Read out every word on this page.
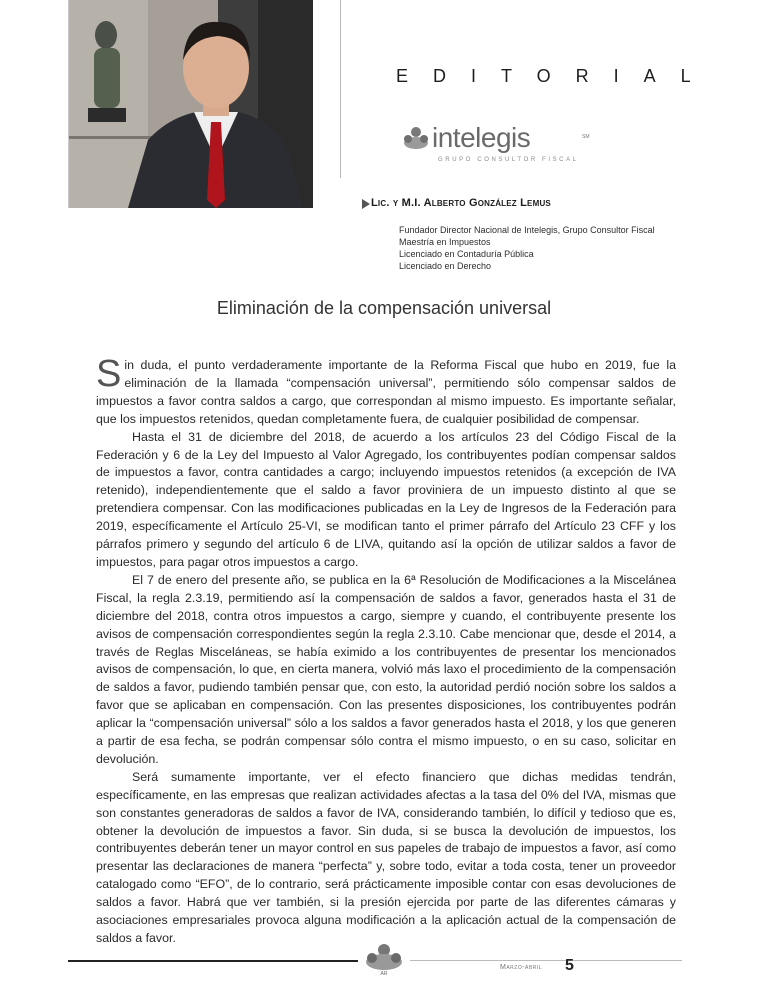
EDITORIAL
intelegis	SM
GRUPO CONSULTOR FISCAL
Lic. y M.I. Alberto González Lemus
Fundador Director Nacional de Intelegis, Grupo Consultor Fiscal
Maestría en Impuestos
Licenciado en Contaduría Pública
Licenciado en Derecho
Eliminación de la compensación universal

Sin duda, el punto verdaderamente importante de la Reforma Fiscal que hubo en 2019, fue la eliminación de la llamada “compensación universal”, permitiendo sólo compensar saldos de impuestos a favor contra saldos a cargo, que correspondan al mismo impuesto. Es importante señalar, que los impuestos retenidos, quedan completamente fuera, de cualquier posibilidad de compensar.

Hasta el 31 de diciembre del 2018, de acuerdo a los artículos 23 del Código Fiscal de la Federación y 6 de la Ley del Impuesto al Valor Agregado, los contribuyentes podían compensar saldos de impuestos a favor, contra cantidades a cargo; incluyendo impuestos retenidos (a excepción de IVA retenido), independientemente que el saldo a favor proviniera de un impuesto distinto al que se pretendiera compensar. Con las modificaciones publicadas en la Ley de Ingresos de la Federación para 2019, específicamente el Artículo 25-VI, se modifican tanto el primer párrafo del Artículo 23 CFF y los párrafos primero y segundo del artículo 6 de LIVA, quitando así la opción de utilizar saldos a favor de impuestos, para pagar otros impuestos a cargo.

El 7 de enero del presente año, se publica en la 6ª Resolución de Modificaciones a la Miscelánea Fiscal, la regla 2.3.19, permitiendo así la compensación de saldos a favor, generados hasta el 31 de diciembre del 2018, contra otros impuestos a cargo, siempre y cuando, el contribuyente presente los avisos de compensación correspondientes según la regla 2.3.10. Cabe mencionar que, desde el 2014, a través de Reglas Misceláneas, se había eximido a los contribuyentes de presentar los mencionados avisos de compensación, lo que, en cierta manera, volvió más laxo el procedimiento de la compensación de saldos a favor, pudiendo también pensar que, con esto, la autoridad perdió noción sobre los saldos a favor que se aplicaban en compensación. Con las presentes disposiciones, los contribuyentes podrán aplicar la “compensación universal” sólo a los saldos a favor generados hasta el 2018, y los que generen a partir de esa fecha, se podrán compensar sólo contra el mismo impuesto, o en su caso, solicitar en devolución.

Será sumamente importante, ver el efecto financiero que dichas medidas tendrán, específicamente, en las empresas que realizan actividades afectas a la tasa del 0% del IVA, mismas que son constantes generadoras de saldos a favor de IVA, considerando también, lo difícil y tedioso que es, obtener la devolución de impuestos a favor. Sin duda, si se busca la devolución de impuestos, los contribuyentes deberán tener un mayor control en sus papeles de trabajo de impuestos a favor, así como presentar las declaraciones de manera “perfecta” y, sobre todo, evitar a toda costa, tener un proveedor catalogado como “EFO”, de lo contrario, será prácticamente imposible contar con esas devoluciones de saldos a favor. Habrá que ver también, si la presión ejercida por parte de las diferentes cámaras y asociaciones empresariales provoca alguna modificación a la aplicación actual de la compensación de saldos a favor.

AR
Marzo-abril 5
